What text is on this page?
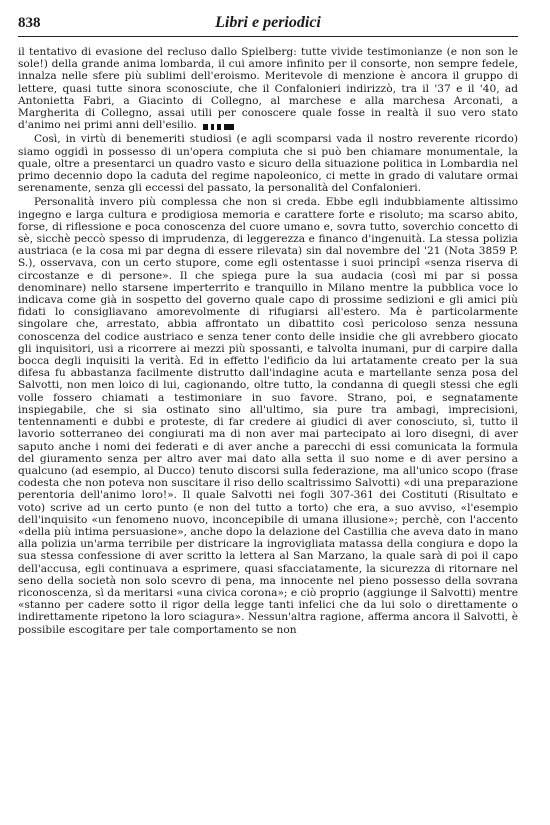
838	Libri e periodici

il tentativo di evasione del recluso dallo Spielberg: tutte vivide testimonianze (e non son le sole!) della grande anima lombarda, il cui amore infinito per il consorte, non sempre fedele, innalza nelle sfere più sublimi dell'eroismo. Meritevole di menzione è ancora il gruppo di lettere, quasi tutte sinora sconosciute, che il Confalonieri indirizzò, tra il '37 e il '40, ad Antonietta Fabri, a Giacinto di Collegno, al marchese e alla marchesa Arconati, a Margherita di Collegno, assai utili per conoscere quale fosse in realtà il suo vero stato d'animo nei primi anni dell'esilio.

Così, in virtù di benemeriti studiosi (e agli scomparsi vada il nostro reverente ricordo) siamo oggidì in possesso di un'opera compiuta che si può ben chiamare monumentale, la quale, oltre a presentarci un quadro vasto e sicuro della situazione politica in Lombardia nel primo decennio dopo la caduta del regime napoleonico, ci mette in grado di valutare ormai serenamente, senza gli eccessi del passato, la personalità del Confalonieri.

Personalità invero più complessa che non si creda. Ebbe egli indubbiamente altissimo ingegno e larga cultura e prodigiosa memoria e carattere forte e risoluto; ma scarso abito, forse, di riflessione e poca conoscenza del cuore umano e, sovra tutto, soverchio concetto di sè, sicchè peccò spesso di imprudenza, di leggerezza e financo d'ingenuità. La stessa polizia austriaca (e la cosa mi par degna di essere rilevata) sin dal novembre del '21 (Nota 3859 P. S.), osservava, con un certo stupore, come egli ostentasse i suoi principî «senza riserva di circostanze e di persone». Il che spiega pure la sua audacia (così mi par si possa denominare) nello starsene imperterrito e tranquillo in Milano mentre la pubblica voce lo indicava come già in sospetto del governo quale capo di prossime sedizioni e gli amici più fidati lo consigliavano amorevolmente di rifugiarsi all'estero. Ma è particolarmente singolare che, arrestato, abbia affrontato un dibattito così pericoloso senza nessuna conoscenza del codice austriaco e senza tener conto delle insidie che gli avrebbero giocato gli inquisitori, usi a ricorrere ai mezzi più spossanti, e talvolta inumani, pur di carpire dalla bocca degli inquisiti la verità. Ed in effetto l'edificio da lui artatamente creato per la sua difesa fu abbastanza facilmente distrutto dall'indagine acuta e martellante senza posa del Salvotti, non men loico di lui, cagionando, oltre tutto, la condanna di quegli stessi che egli volle fossero chiamati a testimoniare in suo favore. Strano, poi, e segnatamente inspiegabile, che si sia ostinato sino all'ultimo, sia pure tra ambagi, imprecisioni, tentennamenti e dubbi e proteste, di far credere ai giudici di aver conosciuto, sì, tutto il lavorio sotterraneo dei congiurati ma di non aver mai partecipato ai loro disegni, di aver saputo anche i nomi dei federati e di aver anche a parecchi di essi comunicata la formula del giuramento senza per altro aver mai dato alla setta il suo nome e di aver persino a qualcuno (ad esempio, al Ducco) tenuto discorsi sulla federazione, ma all'unico scopo (frase codesta che non poteva non suscitare il riso dello scaltrissimo Salvotti) «di una preparazione perentoria dell'animo loro!». Il quale Salvotti nei fogli 307-361 dei Costituti (Risultato e voto) scrive ad un certo punto (e non del tutto a torto) che era, a suo avviso, «l'esempio dell'inquisito «un fenomeno nuovo, inconcepibile di umana illusione»; perchè, con l'accento «della più intima persuasione», anche dopo la delazione del Castillia che aveva dato in mano alla polizia un'arma terribile per districare la ingrovigliata matassa della congiura e dopo la sua stessa confessione di aver scritto la lettera al San Marzano, la quale sarà di poi il capo dell'accusa, egli continuava a esprimere, quasi sfacciatamente, la sicurezza di ritornare nel seno della società non solo scevro di pena, ma innocente nel pieno possesso della sovrana riconoscenza, sì da meritarsi «una civica corona»; e ciò proprio (aggiunge il Salvotti) mentre «stanno per cadere sotto il rigor della legge tanti infelici che da lui solo o direttamente o indirettamente ripetono la loro sciagura». Nessun'altra ragione, afferma ancora il Salvotti, è possibile escogitare per tale comportamento se non
